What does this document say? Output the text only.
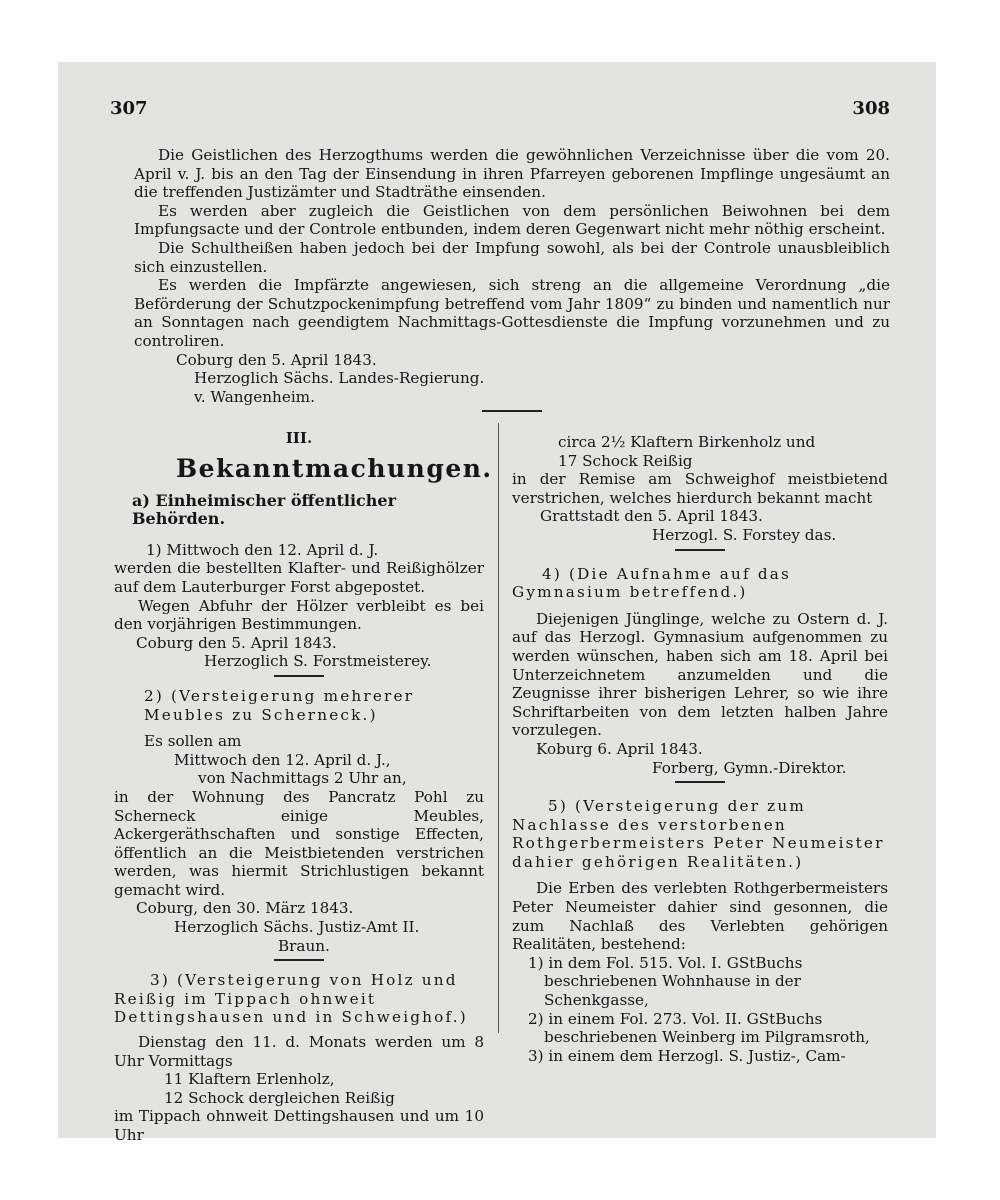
307	308

Die Geistlichen des Herzogthums werden die gewöhnlichen Verzeichnisse über die vom 20. April v. J. bis an den Tag der Einsendung in ihren Pfarreyen geborenen Impflinge ungesäumt an die treffenden Justizämter und Stadträthe einsenden.

Es werden aber zugleich die Geistlichen von dem persönlichen Beiwohnen bei dem Impfungsacte und der Controle entbunden, indem deren Gegenwart nicht mehr nöthig erscheint.

Die Schultheißen haben jedoch bei der Impfung sowohl, als bei der Controle unausbleiblich sich einzustellen.

Es werden die Impfärzte angewiesen, sich streng an die allgemeine Verordnung „die Beförderung der Schutzpockenimpfung betreffend vom Jahr 1809“ zu binden und namentlich nur an Sonntagen nach geendigtem Nachmittags-Gottesdienste die Impfung vorzunehmen und zu controliren.

Coburg den 5. April 1843.

Herzoglich Sächs. Landes-Regierung.

v. Wangenheim.

III.

Bekanntmachungen.

a) Einheimischer öffentlicher Behörden.

1) Mittwoch den 12. April d. J.

werden die bestellten Klafter- und Reißighölzer auf dem Lauterburger Forst abgepostet.

Wegen Abfuhr der Hölzer verbleibt es bei den vorjährigen Bestimmungen.

Coburg den 5. April 1843.

Herzoglich S. Forstmeisterey.

2) (Versteigerung mehrerer Meubles zu Scherneck.)

Es sollen am

Mittwoch den 12. April d. J.,

von Nachmittags 2 Uhr an,

in der Wohnung des Pancratz Pohl zu Scherneck einige Meubles, Ackergeräthschaften und sonstige Effecten, öffentlich an die Meistbietenden verstrichen werden, was hiermit Strichlustigen bekannt gemacht wird.

Coburg, den 30. März 1843.

Herzoglich Sächs. Justiz-Amt II.

Braun.

3) (Versteigerung von Holz und Reißig im Tippach ohnweit Dettingshausen und in Schweighof.)

Dienstag den 11. d. Monats werden um 8 Uhr Vormittags

11 Klaftern Erlenholz,

12 Schock dergleichen Reißig

im Tippach ohnweit Dettingshausen und um 10 Uhr

circa 2½ Klaftern Birkenholz und

17 Schock Reißig

in der Remise am Schweighof meistbietend verstrichen, welches hierdurch bekannt macht

Grattstadt den 5. April 1843.

Herzogl. S. Forstey das.

4) (Die Aufnahme auf das Gymnasium betreffend.)

Diejenigen Jünglinge, welche zu Ostern d. J. auf das Herzogl. Gymnasium aufgenommen zu werden wünschen, haben sich am 18. April bei Unterzeichnetem anzumelden und die Zeugnisse ihrer bisherigen Lehrer, so wie ihre Schriftarbeiten von dem letzten halben Jahre vorzulegen.

Koburg 6. April 1843.

Forberg, Gymn.-Direktor.

5) (Versteigerung der zum Nachlasse des verstorbenen Rothgerbermeisters Peter Neumeister dahier gehörigen Realitäten.)

Die Erben des verlebten Rothgerbermeisters Peter Neumeister dahier sind gesonnen, die zum Nachlaß des Verlebten gehörigen Realitäten, bestehend:

1) in dem Fol. 515. Vol. I. GStBuchs beschriebenen Wohnhause in der Schenkgasse,

2) in einem Fol. 273. Vol. II. GStBuchs beschriebenen Weinberg im Pilgramsroth,

3) in einem dem Herzogl. S. Justiz-, Cam-
